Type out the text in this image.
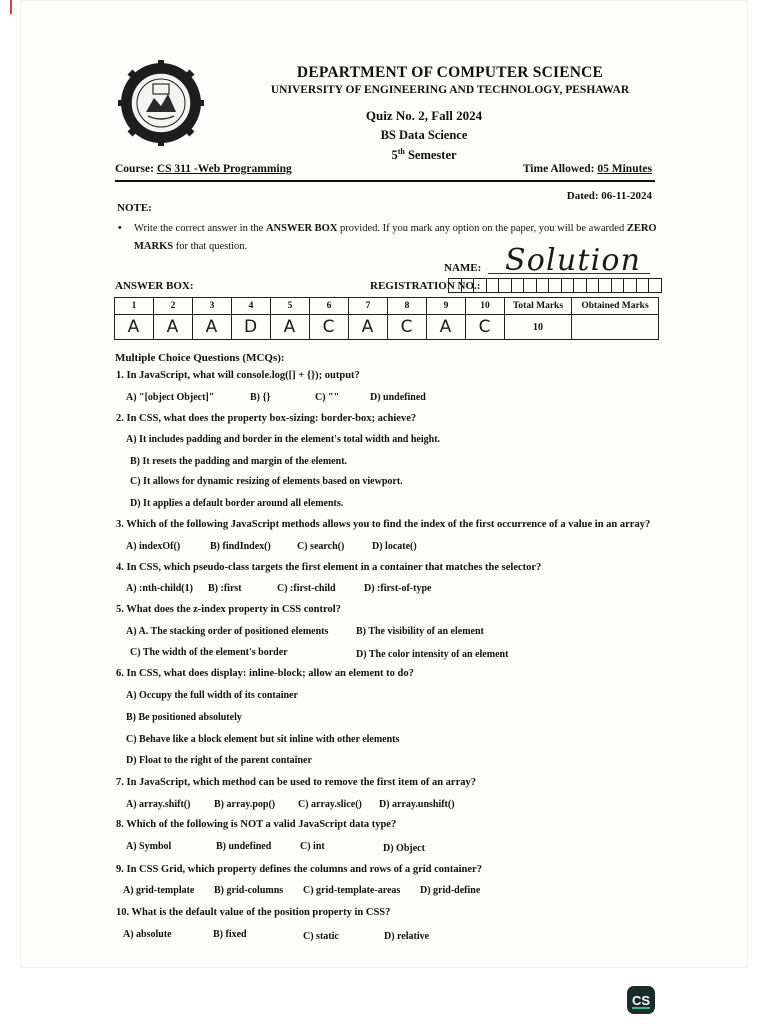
DEPARTMENT OF COMPUTER SCIENCE
UNIVERSITY OF ENGINEERING AND TECHNOLOGY, PESHAWAR
Quiz No. 2, Fall 2024
BS Data Science
5th Semester
Course: CS 311 -Web Programming	Time Allowed: 05 Minutes
Dated: 06-11-2024
NOTE:
• Write the correct answer in the ANSWER BOX provided. If you mark any option on the paper, you will be awarded ZERO MARKS for that question.
NAME: Solution
ANSWER BOX:	REGISTRATION NO.:
1	2	3	4	5	6	7	8	9	10	Total Marks	Obtained Marks
A	A	A	D	A	C	A	C	A	C	10	
Multiple Choice Questions (MCQs):
1. In JavaScript, what will console.log([] + {}); output?
A) "[object Object]"	B) {}	C) ""	D) undefined
2. In CSS, what does the property box-sizing: border-box; achieve?
A) It includes padding and border in the element's total width and height.
B) It resets the padding and margin of the element.
C) It allows for dynamic resizing of elements based on viewport.
D) It applies a default border around all elements.
3. Which of the following JavaScript methods allows you to find the index of the first occurrence of a value in an array?
A) indexOf()	B) findIndex()	C) search()	D) locate()
4. In CSS, which pseudo-class targets the first element in a container that matches the selector?
A) :nth-child(1) B) :first	C) :first-child	D) :first-of-type
5. What does the z-index property in CSS control?
A) A. The stacking order of positioned elements	B) The visibility of an element
C) The width of the element's border	D) The color intensity of an element
6. In CSS, what does display: inline-block; allow an element to do?
A) Occupy the full width of its container
B) Be positioned absolutely
C) Behave like a block element but sit inline with other elements
D) Float to the right of the parent container
7. In JavaScript, which method can be used to remove the first item of an array?
A) array.shift() B) array.pop() C) array.slice() D) array.unshift()
8. Which of the following is NOT a valid JavaScript data type?
A) Symbol	B) undefined	C) int	D) Object
9. In CSS Grid, which property defines the columns and rows of a grid container?
A) grid-template B) grid-columns C) grid-template-areas D) grid-define
10. What is the default value of the position property in CSS?
A) absolute	B) fixed	C) static	D) relative
CS
